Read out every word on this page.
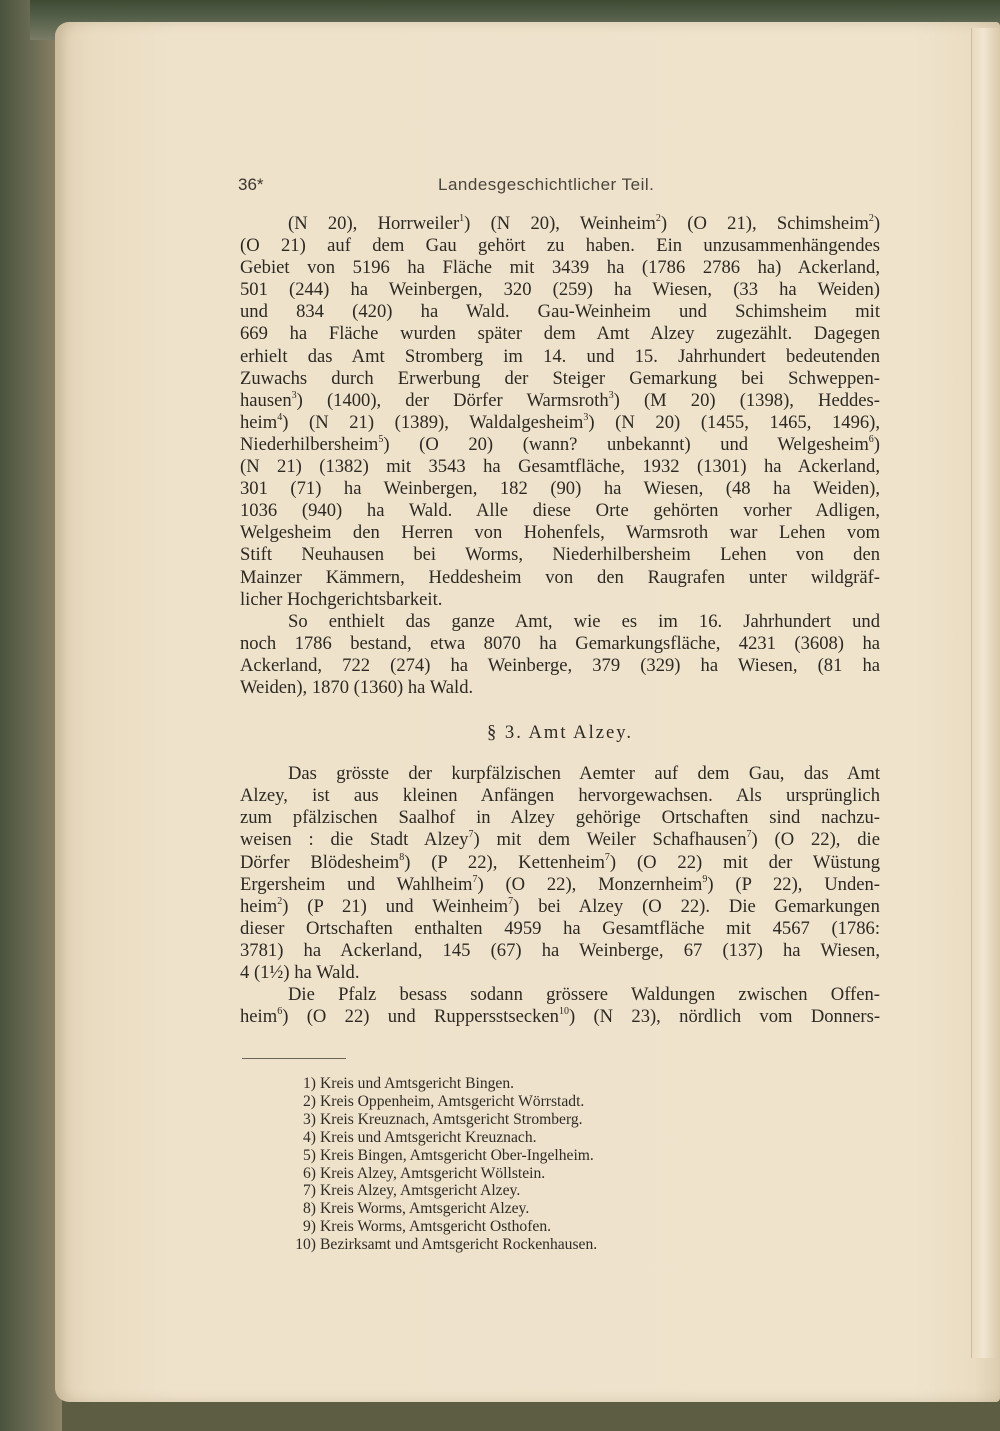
36*	Landesgeschichtlicher Teil.
(N 20), Horrweiler$^1$) (N 20), Weinheim$^2$) (O 21), Schimsheim$^2$)
(O 21) auf dem Gau gehört zu haben. Ein unzusammenhängendes
Gebiet von 5196 ha Fläche mit 3439 ha (1786 2786 ha) Ackerland,
501 (244) ha Weinbergen, 320 (259) ha Wiesen, (33 ha Weiden)
und 834 (420) ha Wald. Gau-Weinheim und Schimsheim mit
669 ha Fläche wurden später dem Amt Alzey zugezählt. Dagegen
erhielt das Amt Stromberg im 14. und 15. Jahrhundert bedeutenden
Zuwachs durch Erwerbung der Steiger Gemarkung bei Schweppen-
hausen$^3$) (1400), der Dörfer Warmsroth$^3$) (M 20) (1398), Heddes-
heim$^4$) (N 21) (1389), Waldalgesheim$^3$) (N 20) (1455, 1465, 1496),
Niederhilbersheim$^5$) (O 20) (wann? unbekannt) und Welgesheim$^6$)
(N 21) (1382) mit 3543 ha Gesamtfläche, 1932 (1301) ha Ackerland,
301 (71) ha Weinbergen, 182 (90) ha Wiesen, (48 ha Weiden),
1036 (940) ha Wald. Alle diese Orte gehörten vorher Adligen,
Welgesheim den Herren von Hohenfels, Warmsroth war Lehen vom
Stift Neuhausen bei Worms, Niederhilbersheim Lehen von den
Mainzer Kämmern, Heddesheim von den Raugrafen unter wildgräf-
licher Hochgerichtsbarkeit.
So enthielt das ganze Amt, wie es im 16. Jahrhundert und
noch 1786 bestand, etwa 8070 ha Gemarkungsfläche, 4231 (3608) ha
Ackerland, 722 (274) ha Weinberge, 379 (329) ha Wiesen, (81 ha
Weiden), 1870 (1360) ha Wald.
§ 3. Amt Alzey.
Das grösste der kurpfälzischen Aemter auf dem Gau, das Amt
Alzey, ist aus kleinen Anfängen hervorgewachsen. Als ursprünglich
zum pfälzischen Saalhof in Alzey gehörige Ortschaften sind nachzu-
weisen : die Stadt Alzey$^7$) mit dem Weiler Schafhausen$^7$) (O 22), die
Dörfer Blödesheim$^8$) (P 22), Kettenheim$^7$) (O 22) mit der Wüstung
Ergersheim und Wahlheim$^7$) (O 22), Monzernheim$^9$) (P 22), Unden-
heim$^2$) (P 21) und Weinheim$^7$) bei Alzey (O 22). Die Gemarkungen
dieser Ortschaften enthalten 4959 ha Gesamtfläche mit 4567 (1786:
3781) ha Ackerland, 145 (67) ha Weinberge, 67 (137) ha Wiesen,
4 (1½) ha Wald.
Die Pfalz besass sodann grössere Waldungen zwischen Offen-
heim$^6$) (O 22) und Ruppersstsecken$^{10}$) (N 23), nördlich vom Donners-
1) Kreis und Amtsgericht Bingen.
2) Kreis Oppenheim, Amtsgericht Wörrstadt.
3) Kreis Kreuznach, Amtsgericht Stromberg.
4) Kreis und Amtsgericht Kreuznach.
5) Kreis Bingen, Amtsgericht Ober-Ingelheim.
6) Kreis Alzey, Amtsgericht Wöllstein.
7) Kreis Alzey, Amtsgericht Alzey.
8) Kreis Worms, Amtsgericht Alzey.
9) Kreis Worms, Amtsgericht Osthofen.
10) Bezirksamt und Amtsgericht Rockenhausen.
